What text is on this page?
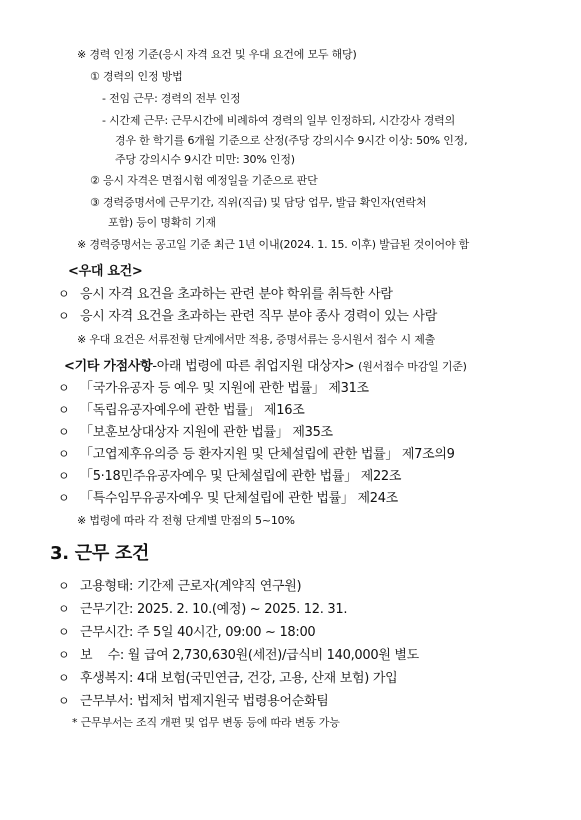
※ 경력 인정 기준(응시 자격 요건 및 우대 요건에 모두 해당)
① 경력의 인정 방법
- 전임 근무: 경력의 전부 인정
- 시간제 근무: 근무시간에 비례하여 경력의 일부 인정하되, 시간강사 경력의
경우 한 학기를 6개월 기준으로 산정(주당 강의시수 9시간 이상: 50% 인정,
주당 강의시수 9시간 미만: 30% 인정)
② 응시 자격은 면접시험 예정일을 기준으로 판단
③ 경력증명서에 근무기간, 직위(직급) 및 담당 업무, 발급 확인자(연락처
포함) 등이 명확히 기재
※ 경력증명서는 공고일 기준 최근 1년 이내(2024. 1. 15. 이후) 발급된 것이어야 함
<우대 요건>
ㅇ 응시 자격 요건을 초과하는 관련 분야 학위를 취득한 사람
ㅇ 응시 자격 요건을 초과하는 관련 직무 분야 종사 경력이 있는 사람
※ 우대 요건은 서류전형 단계에서만 적용, 증명서류는 응시원서 접수 시 제출
<기타 가점사항-아래 법령에 따른 취업지원 대상자> (원서접수 마감일 기준)
ㅇ 「국가유공자 등 예우 및 지원에 관한 법률」 제31조
ㅇ 「독립유공자예우에 관한 법률」 제16조
ㅇ 「보훈보상대상자 지원에 관한 법률」 제35조
ㅇ 「고엽제후유의증 등 환자지원 및 단체설립에 관한 법률」 제7조의9
ㅇ 「5·18민주유공자예우 및 단체설립에 관한 법률」 제22조
ㅇ 「특수임무유공자예우 및 단체설립에 관한 법률」 제24조
※ 법령에 따라 각 전형 단계별 만점의 5~10%
3. 근무 조건
ㅇ 고용형태: 기간제 근로자(계약직 연구원)
ㅇ 근무기간: 2025. 2. 10.(예정) ~ 2025. 12. 31.
ㅇ 근무시간: 주 5일 40시간, 09:00 ~ 18:00
ㅇ 보    수: 월 급여 2,730,630원(세전)/급식비 140,000원 별도
ㅇ 후생복지: 4대 보험(국민연금, 건강, 고용, 산재 보험) 가입
ㅇ 근무부서: 법제처 법제지원국 법령용어순화팀
* 근무부서는 조직 개편 및 업무 변동 등에 따라 변동 가능
